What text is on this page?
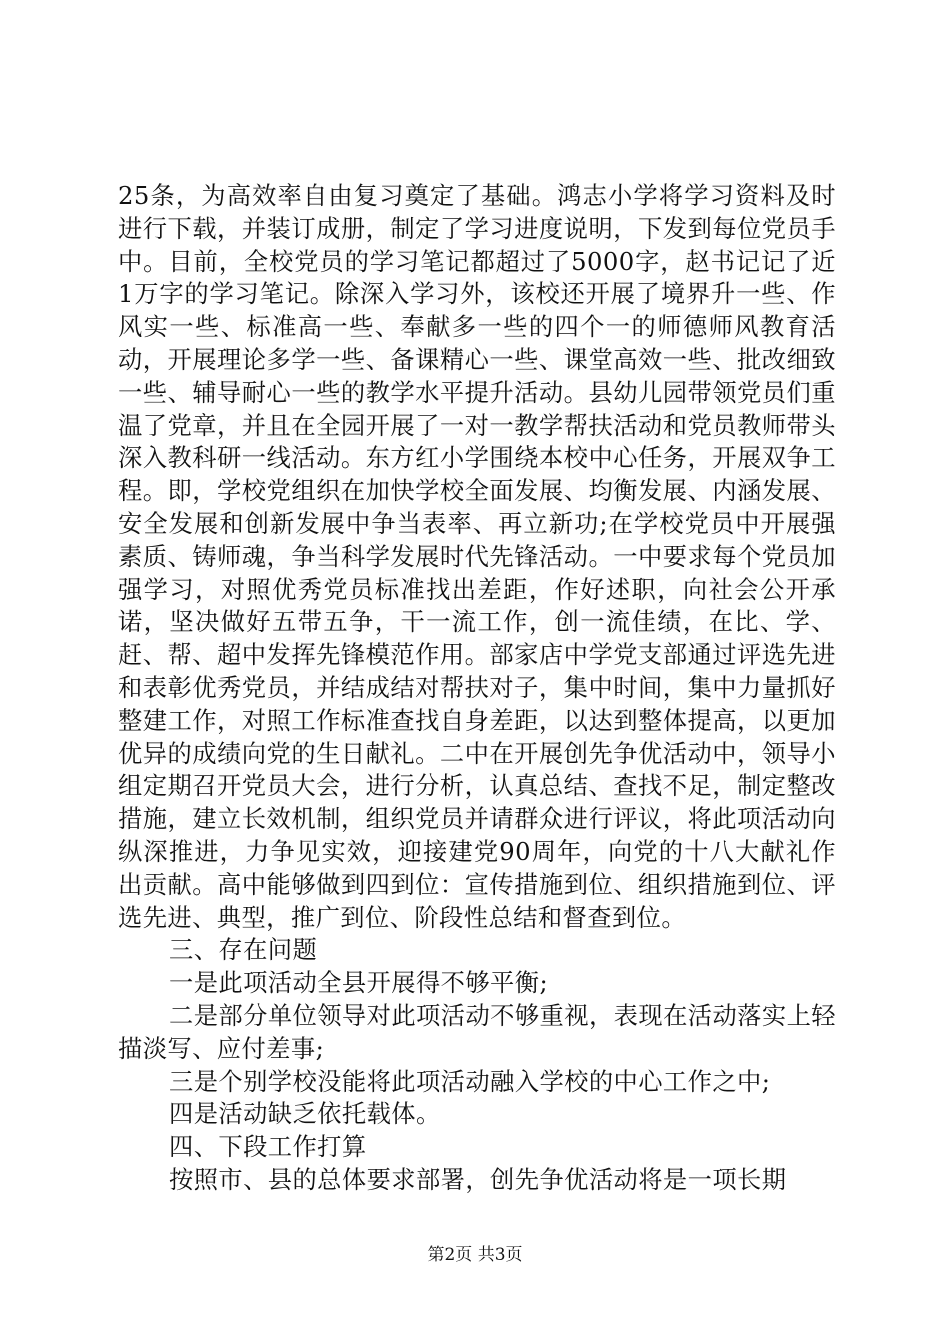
25条，为高效率自由复习奠定了基础。鸿志小学将学习资料及时进行下载，并装订成册，制定了学习进度说明，下发到每位党员手中。目前，全校党员的学习笔记都超过了5000字，赵书记记了近1万字的学习笔记。除深入学习外，该校还开展了境界升一些、作风实一些、标准高一些、奉献多一些的四个一的师德师风教育活动，开展理论多学一些、备课精心一些、课堂高效一些、批改细致一些、辅导耐心一些的教学水平提升活动。县幼儿园带领党员们重温了党章，并且在全园开展了一对一教学帮扶活动和党员教师带头深入教科研一线活动。东方红小学围绕本校中心任务，开展双争工程。即，学校党组织在加快学校全面发展、均衡发展、内涵发展、安全发展和创新发展中争当表率、再立新功;在学校党员中开展强素质、铸师魂，争当科学发展时代先锋活动。一中要求每个党员加强学习，对照优秀党员标准找出差距，作好述职，向社会公开承诺，坚决做好五带五争，干一流工作，创一流佳绩，在比、学、赶、帮、超中发挥先锋模范作用。部家店中学党支部通过评选先进和表彰优秀党员，并结成结对帮扶对子，集中时间，集中力量抓好整建工作，对照工作标准查找自身差距，以达到整体提高，以更加优异的成绩向党的生日献礼。二中在开展创先争优活动中，领导小组定期召开党员大会，进行分析，认真总结、查找不足，制定整改措施，建立长效机制，组织党员并请群众进行评议，将此项活动向纵深推进，力争见实效，迎接建党90周年，向党的十八大献礼作出贡献。高中能够做到四到位：宣传措施到位、组织措施到位、评选先进、典型，推广到位、阶段性总结和督查到位。

三、存在问题

一是此项活动全县开展得不够平衡;

二是部分单位领导对此项活动不够重视，表现在活动落实上轻描淡写、应付差事;

三是个别学校没能将此项活动融入学校的中心工作之中;

四是活动缺乏依托载体。

四、下段工作打算

按照市、县的总体要求部署，创先争优活动将是一项长期

第2页 共3页
